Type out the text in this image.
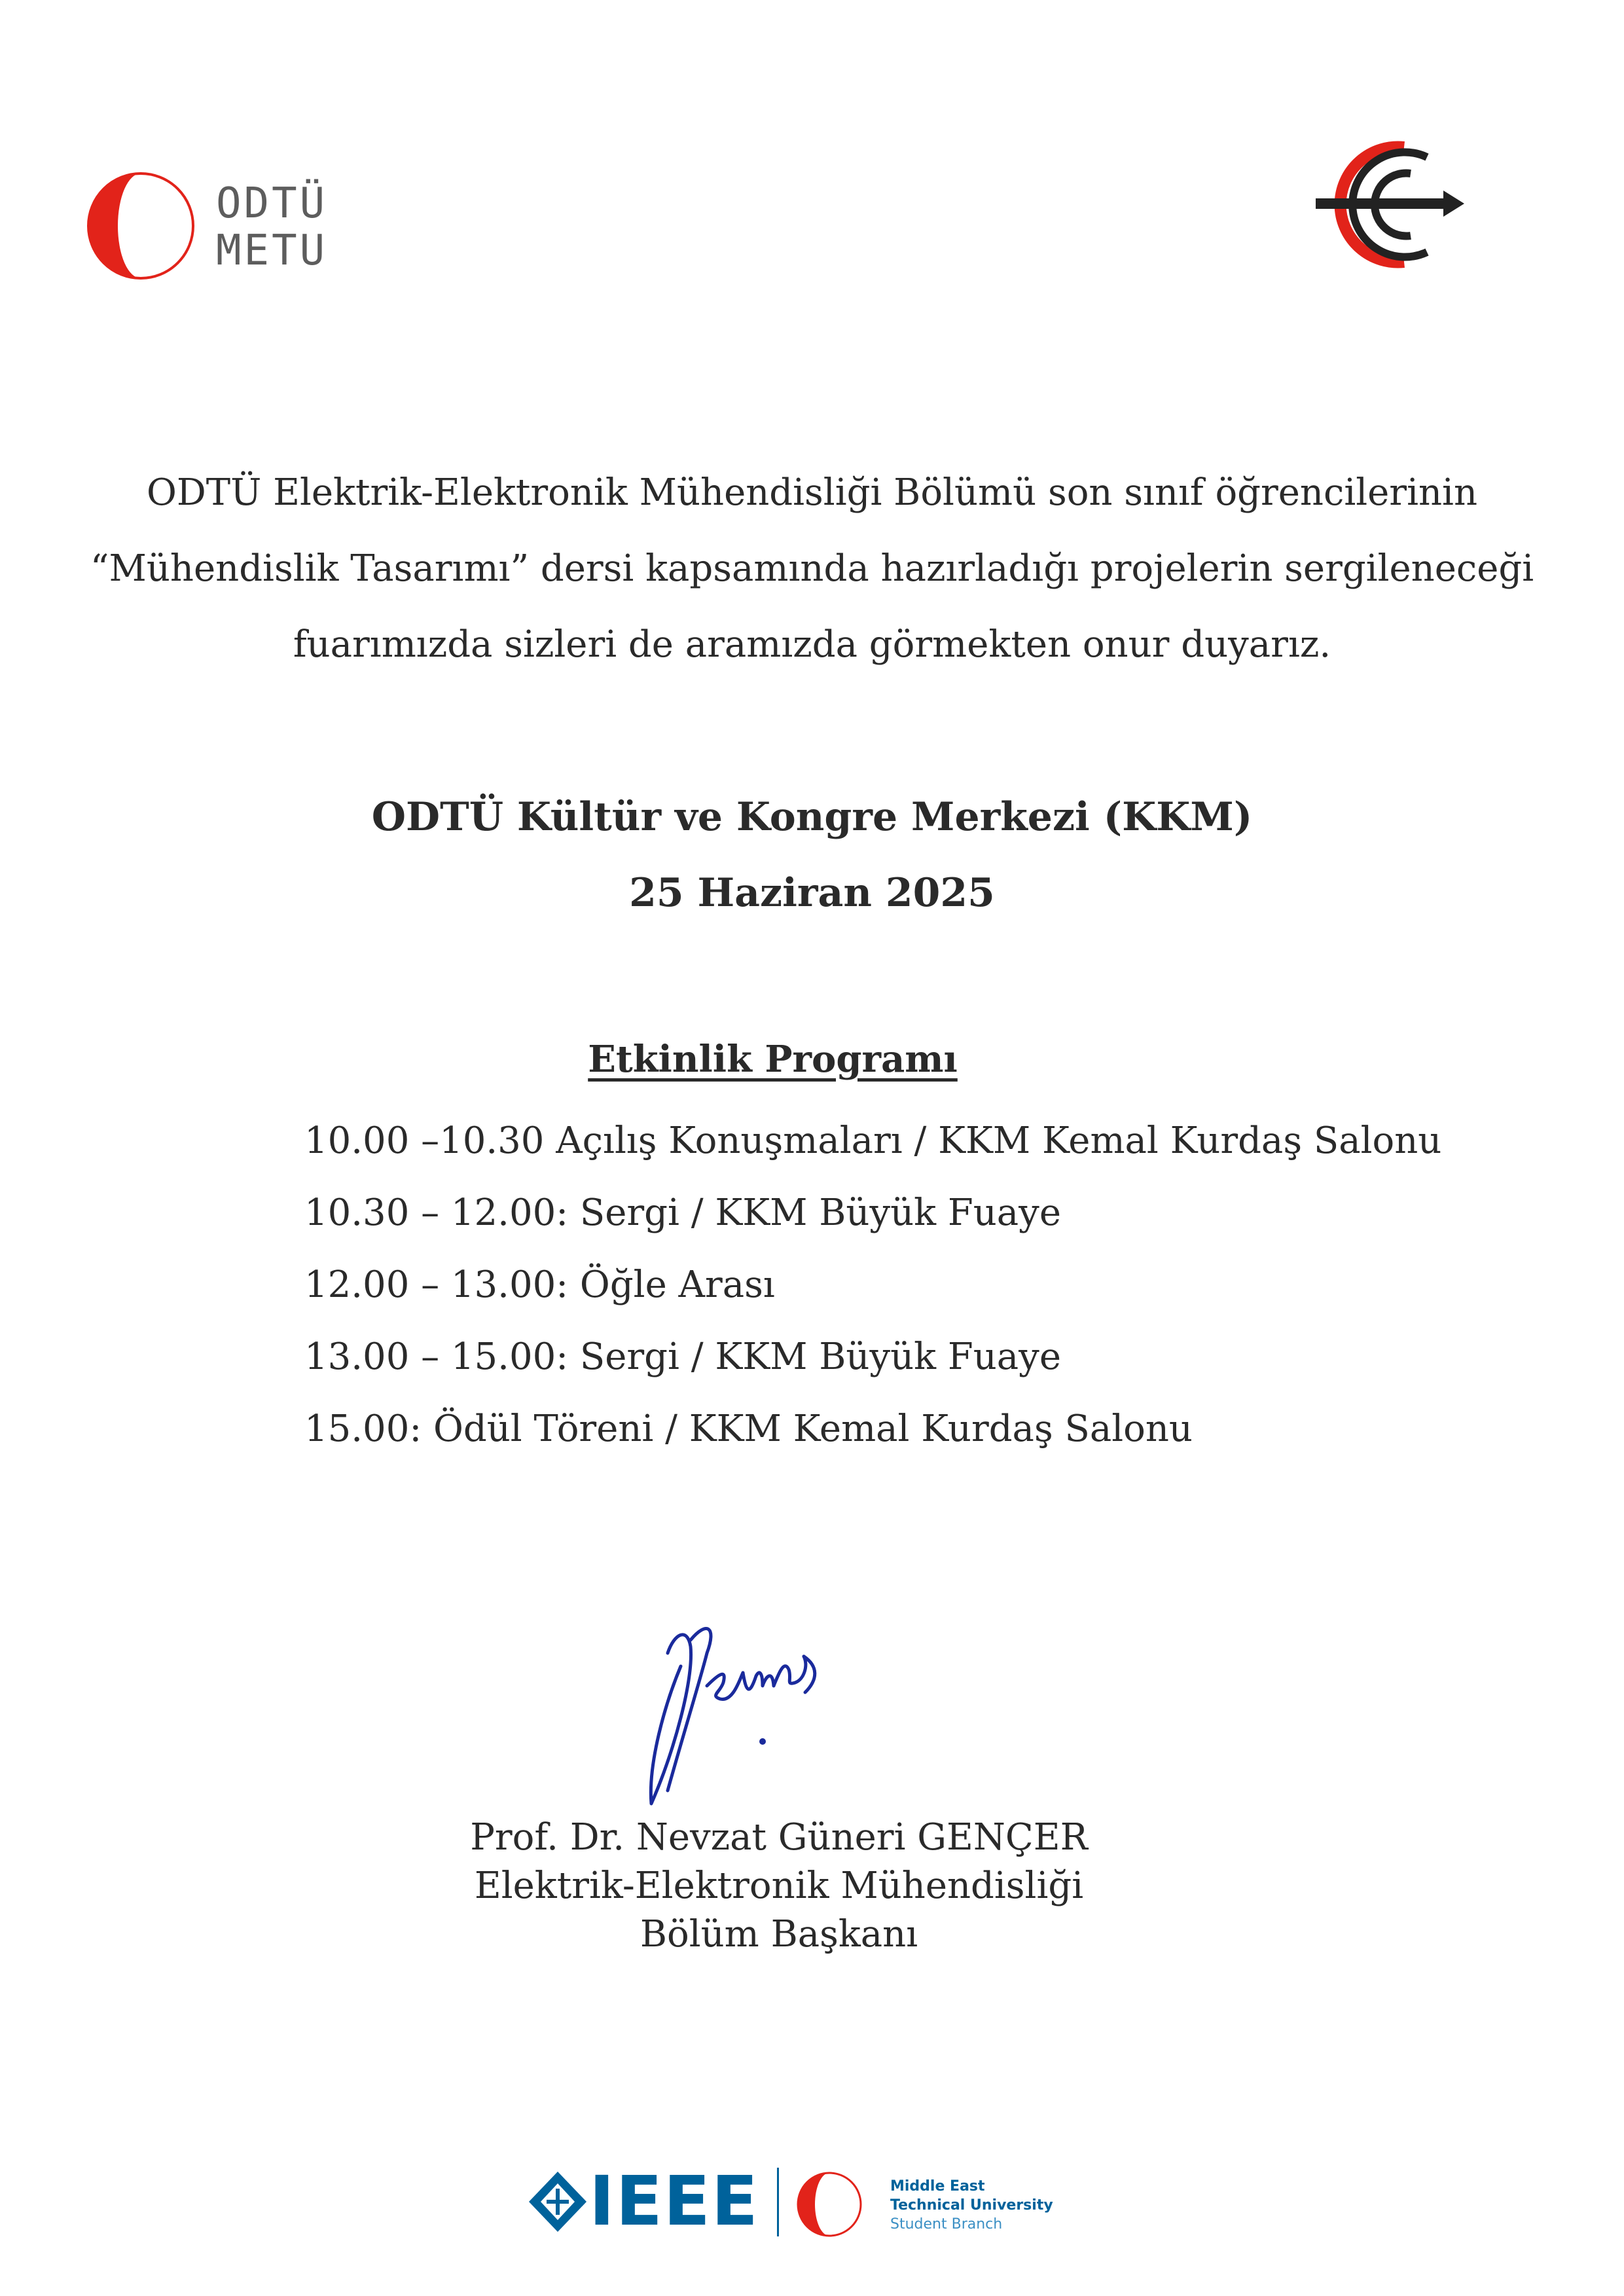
ODTÜ
METU
ODTÜ Elektrik-Elektronik Mühendisliği Bölümü son sınıf öğrencilerinin
“Mühendislik Tasarımı” dersi kapsamında hazırladığı projelerin sergileneceği
fuarımızda sizleri de aramızda görmekten onur duyarız.
ODTÜ Kültür ve Kongre Merkezi (KKM)
25 Haziran 2025
Etkinlik Programı
10.00 –10.30 Açılış Konuşmaları / KKM Kemal Kurdaş Salonu
10.30 – 12.00: Sergi / KKM Büyük Fuaye
12.00 – 13.00: Öğle Arası
13.00 – 15.00: Sergi / KKM Büyük Fuaye
15.00: Ödül Töreni / KKM Kemal Kurdaş Salonu
Prof. Dr. Nevzat Güneri GENÇER
Elektrik-Elektronik Mühendisliği
Bölüm Başkanı
IEEE	Middle East
Technical University
Student Branch
